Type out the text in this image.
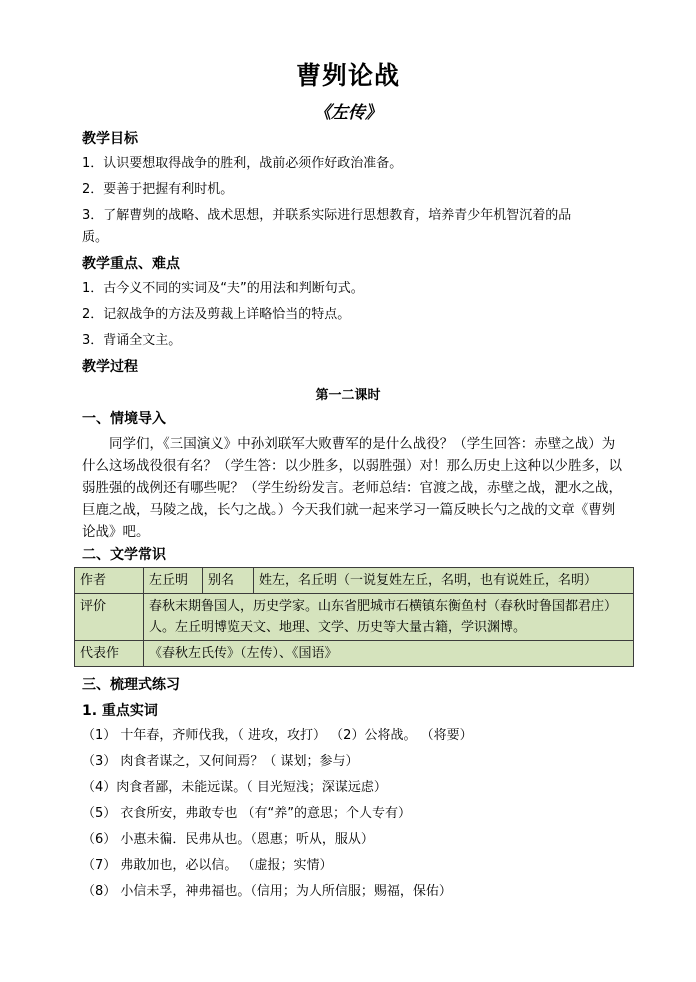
曹刿论战
《左传》
教学目标
1．认识要想取得战争的胜利，战前必须作好政治准备。
2．要善于把握有利时机。
3．了解曹刿的战略、战术思想，并联系实际进行思想教育，培养青少年机智沉着的品
质。
教学重点、难点
1．古今义不同的实词及“夫”的用法和判断句式。
2．记叙战争的方法及剪裁上详略恰当的特点。
3．背诵全文主。
教学过程
第一二课时
一、情境导入
同学们，《三国演义》中孙刘联军大败曹军的是什么战役？（学生回答：赤壁之战）为什么这场战役很有名？（学生答：以少胜多，以弱胜强）对！那么历史上这种以少胜多，以弱胜强的战例还有哪些呢？（学生纷纷发言。老师总结：官渡之战，赤壁之战，淝水之战，巨鹿之战，马陵之战，长勺之战。）今天我们就一起来学习一篇反映长勺之战的文章《曹刿论战》吧。
二、文学常识
作者	左丘明	别名	姓左，名丘明（一说复姓左丘，名明，也有说姓丘，名明）
评价	春秋末期鲁国人，历史学家。山东省肥城市石横镇东衡鱼村（春秋时鲁国都君庄）人。左丘明博览天文、地理、文学、历史等大量古籍，学识渊博。		
代表作	《春秋左氏传》（左传）、《国语》		
三、梳理式练习
1. 重点实词
（1） 十年春，齐师伐我，（ 进攻，攻打） （2）公将战。 （将要）
（3） 肉食者谋之，又何间焉？（ 谋划；参与）
（4）肉食者鄙，未能远谋。（ 目光短浅；深谋远虑）
（5） 衣食所安，弗敢专也 （有“养”的意思；个人专有）
（6） 小惠未徧．民弗从也。（恩惠；听从，服从）
（7） 弗敢加也，必以信。 （虚报；实情）
（8） 小信未孚，神弗福也。（信用；为人所信服；赐福，保佑）
